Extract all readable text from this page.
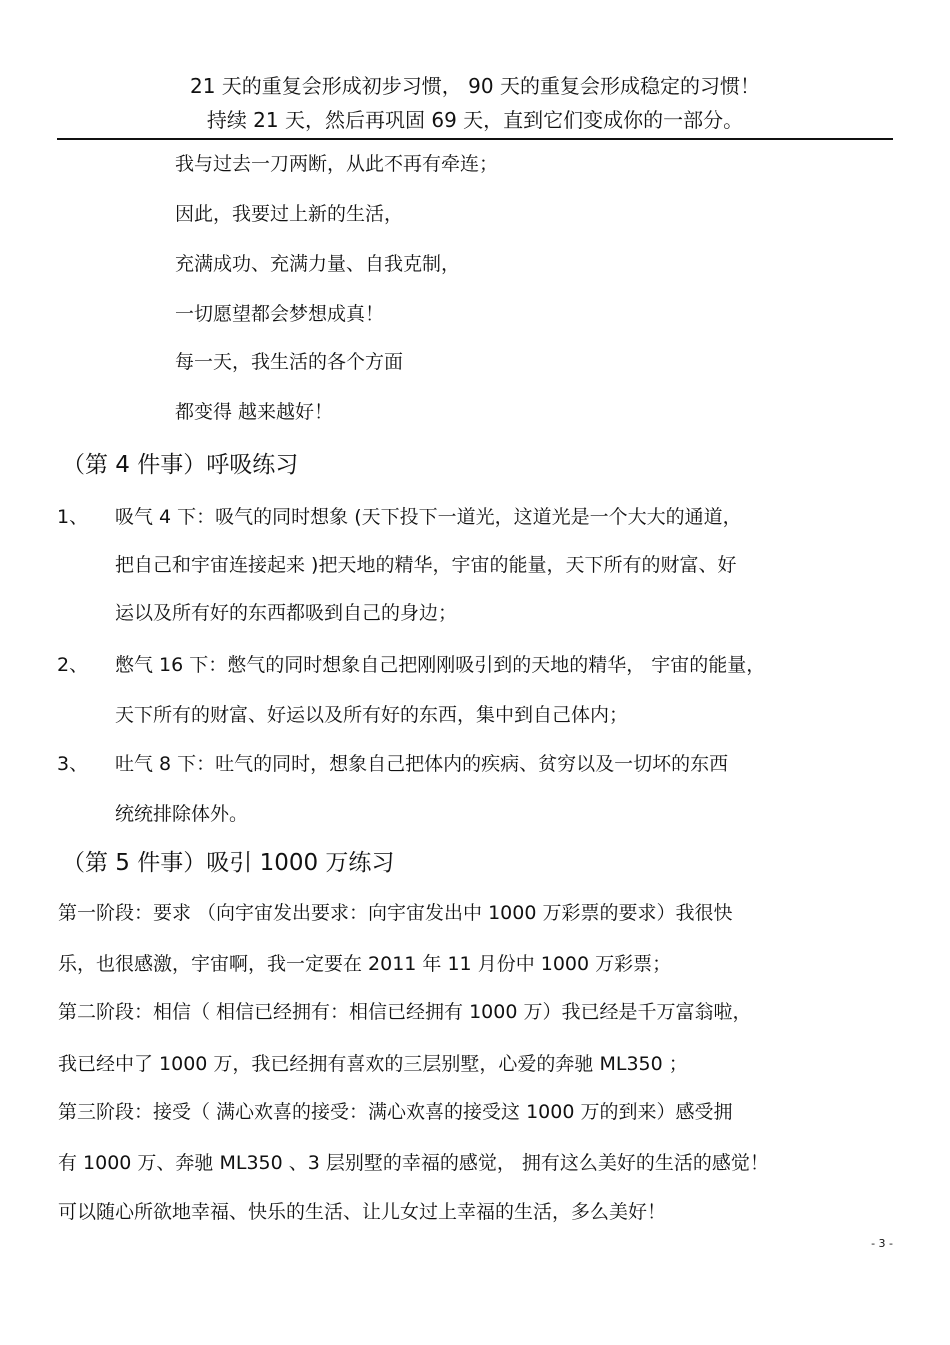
21 天的重复会形成初步习惯， 90 天的重复会形成稳定的习惯！
持续 21 天，然后再巩固 69 天，直到它们变成你的一部分。
我与过去一刀两断，从此不再有牵连；
因此，我要过上新的生活，
充满成功、充满力量、自我克制，
一切愿望都会梦想成真！
每一天，我生活的各个方面
都变得 越来越好！
（第 4 件事）呼吸练习
1、 吸气 4 下：吸气的同时想象 (天下投下一道光，这道光是一个大大的通道，
把自己和宇宙连接起来 )把天地的精华，宇宙的能量，天下所有的财富、好
运以及所有好的东西都吸到自己的身边；
2、 憋气 16 下：憋气的同时想象自己把刚刚吸引到的天地的精华， 宇宙的能量，
天下所有的财富、好运以及所有好的东西，集中到自己体内；
3、 吐气 8 下：吐气的同时，想象自己把体内的疾病、贫穷以及一切坏的东西
统统排除体外。
（第 5 件事）吸引 1000 万练习
第一阶段：要求 （向宇宙发出要求：向宇宙发出中 1000 万彩票的要求）我很快
乐，也很感激，宇宙啊，我一定要在 2011 年 11 月份中 1000 万彩票；
第二阶段：相信（ 相信已经拥有：相信已经拥有 1000 万）我已经是千万富翁啦，
我已经中了 1000 万，我已经拥有喜欢的三层别墅，心爱的奔驰 ML350 ；
第三阶段：接受（ 满心欢喜的接受：满心欢喜的接受这 1000 万的到来）感受拥
有 1000 万、奔驰 ML350 、3 层别墅的幸福的感觉， 拥有这么美好的生活的感觉！
可以随心所欲地幸福、快乐的生活、让儿女过上幸福的生活，多么美好！
- 3 -
